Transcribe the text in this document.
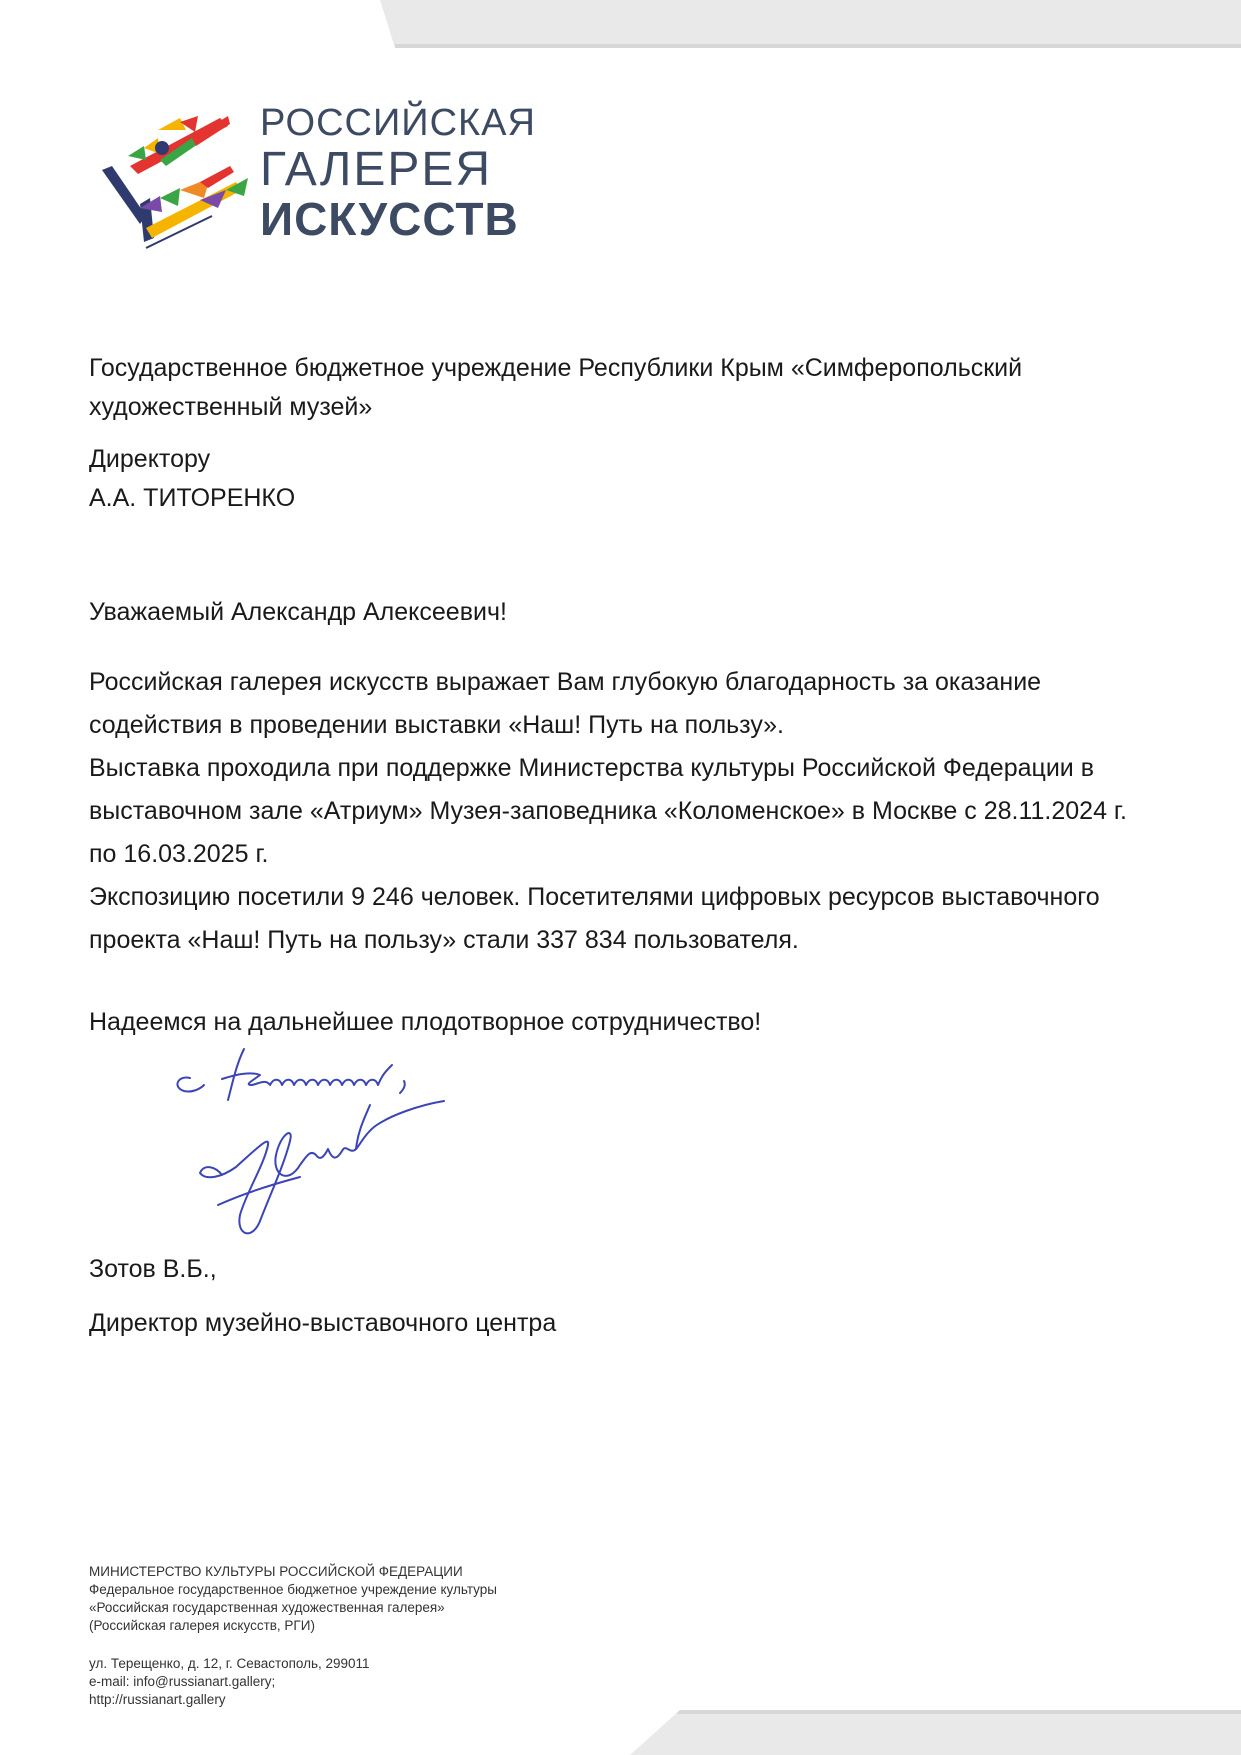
РОССИЙСКАЯ
ГАЛЕРЕЯ
ИСКУССТВ
Государственное бюджетное учреждение Республики Крым «Симферопольский художественный музей»
Директору
А.А. ТИТОРЕНКО
Уважаемый Александр Алексеевич!

Российская галерея искусств выражает Вам глубокую благодарность за оказание содействия в проведении выставки «Наш! Путь на пользу».

Выставка проходила при поддержке Министерства культуры Российской Федерации в выставочном зале «Атриум» Музея-заповедника «Коломенское» в Москве с 28.11.2024 г. по 16.03.2025 г.

Экспозицию посетили 9 246 человек. Посетителями цифровых ресурсов выставочного проекта «Наш! Путь на пользу» стали 337 834 пользователя.

Надеемся на дальнейшее плодотворное сотрудничество!
Зотов В.Б.,
Директор музейно-выставочного центра
МИНИСТЕРСТВО КУЛЬТУРЫ РОССИЙСКОЙ ФЕДЕРАЦИИ
Федеральное государственное бюджетное учреждение культуры
«Российская государственная художественная галерея»
(Российская галерея искусств, РГИ)
ул. Терещенко, д. 12, г. Севастополь, 299011
e-mail: info@russianart.gallery;
http://russianart.gallery
